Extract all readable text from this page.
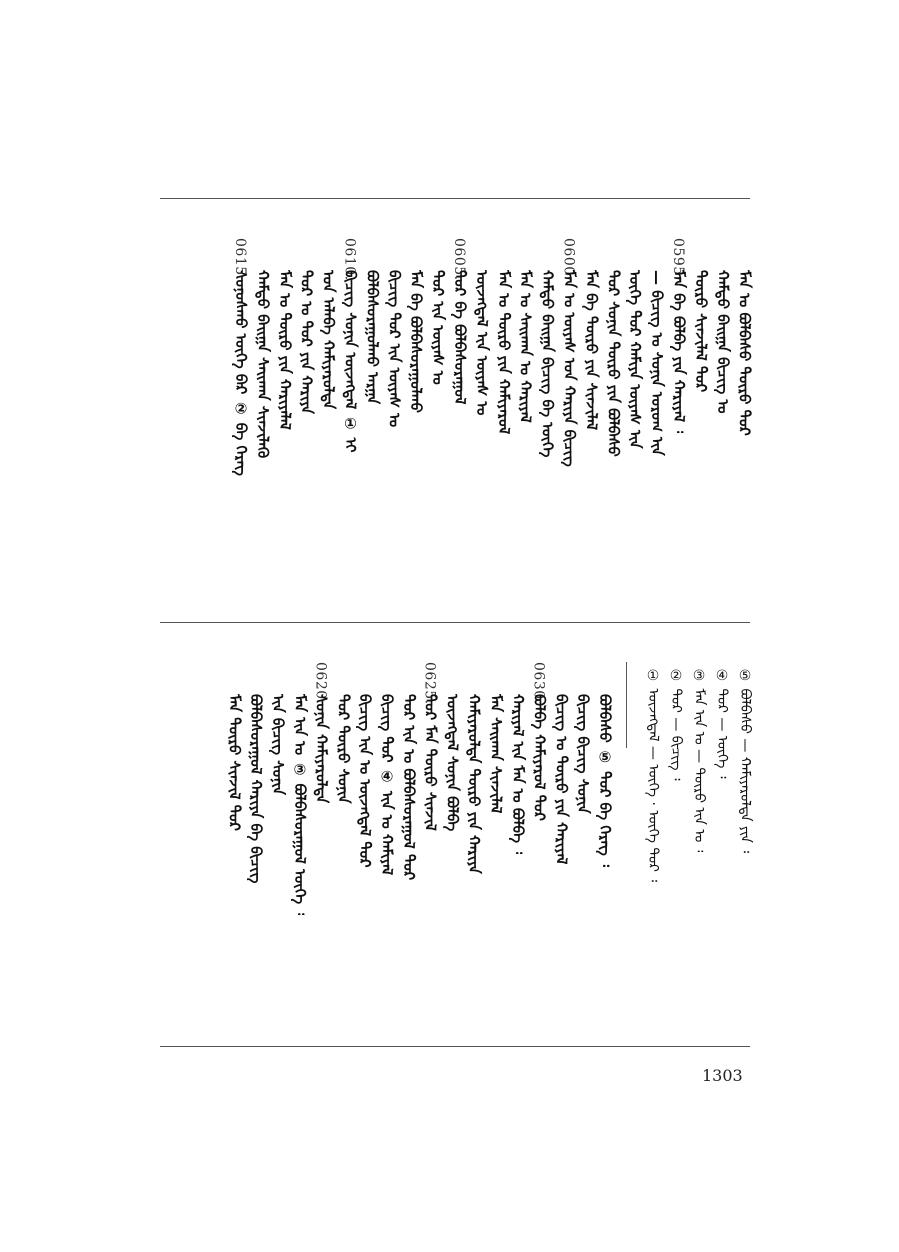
0615.
ᠰᠣᠨᠣᠰᠬᠤ ᠦᠭᠡ ᠪᠡᠷ ② ᠪᠠ ᠬᠡᠷᠡᠭ ᠬᠠᠮᠲᠤ ᠪᠠᠢᠭᠠ ᠰᠠᠢᠬᠠᠨ ᠰᠢᠨᠵᠢᠯᠡᠬᠦ ᠮᠠᠨ ᠤ ᠲᠦᠷᠦ ᠶᠢᠨ ᠬᠠᠷᠢᠶᠠᠯᠠᠯ ᠲᠣᠷ ᠤ ᠲᠣᠷ ᠶᠢᠨ ᠬᠠᠷᠢᠶᠠ ᠤᠨ ᠠᠯᠠᠪᠠ ᠬᠠᠮᠢᠶᠠᠷᠤᠯᠲᠠ
0610.
ᠪᠢᠴᠢᠭ ᠰᠣᠨᠢᠨ ᠦᠵᠡᠭᠳᠡᠯ ① ᠢ ᠪᠣᠯᠪᠠᠰᠤᠷᠠᠭᠤᠯᠬᠤ ᠠᠷᠭᠠ ᠪᠢᠴᠢᠭ ᠲᠣᠷ ᠢᠨ ᠦᠶᠡᠰ ᠤ ᠮᠠᠨ ᠪᠠ ᠪᠣᠯᠪᠠᠰᠤᠷᠠᠭᠤᠯᠬᠤ ᠲᠣᠷ ᠢᠨ ᠦᠶᠡᠰ ᠤ
0605.
ᠲᠣᠷ ᠪᠠ ᠪᠣᠯᠪᠠᠰᠤᠷᠠᠭᠤᠯ ᠦᠵᠡᠭᠳᠡᠯ ᠢᠨ ᠦᠶᠡᠰ ᠤ ᠮᠠᠨ ᠤ ᠲᠦᠷᠦ ᠶᠢᠨ ᠬᠠᠮᠢᠶᠠᠷᠤᠯ ᠮᠠᠨ ᠤ ᠰᠠᠢᠬᠠᠨ ᠤ ᠬᠠᠷᠢᠶᠠᠯ ᠬᠠᠮᠲᠤ ᠪᠠᠢᠭᠠ ᠪᠢᠴᠢᠭ ᠪᠠ ᠦᠭᠡ
0600.
ᠮᠠᠨ ᠤ ᠦᠶᠡᠰ ᠤᠨ ᠬᠠᠷᠢᠶᠠ ᠪᠢᠴᠢᠭ ᠮᠠᠨ ᠪᠠ ᠲᠦᠷᠦ ᠶᠢᠨ ᠰᠢᠨᠵᠢᠯᠡᠯ ᠲᠣᠷ ᠰᠣᠨᠢᠨ ᠲᠦᠷᠦ ᠶᠢᠨ ᠪᠣᠯᠪᠠᠰᠤ ᠦᠭᠡ ᠲᠣᠷ ᠬᠠᠮᠢᠶᠠ ᠦᠶᠡᠰ ᠢᠨ — ᠪᠢᠴᠢᠭ ᠤ ᠰᠣᠨᠢᠨ ᠤᠷᠤᠭ ᠢᠨ
0595.
ᠮᠠᠨ ᠪᠠ ᠪᠣᠯᠪᠠ ᠶᠢᠨ ᠬᠠᠷᠢᠶᠠᠯ ᠄ ᠲᠦᠷᠦ ᠰᠢᠨᠵᠢᠯᠡᠯ ᠲᠣᠷ ᠬᠠᠮᠲᠤ ᠪᠠᠢᠭᠠ ᠪᠢᠴᠢᠭ ᠤ ᠮᠠᠨ ᠤ ᠪᠣᠯᠪᠠᠰᠤ ᠲᠦᠷᠦ ᠲᠣᠷ
⑤ ᠪᠣᠯᠪᠠᠰᠤ — ᠬᠠᠮᠢᠶᠠᠷᠤᠯᠲᠠ ᠶᠢᠨ ᠄
④ ᠲᠣᠷ — ᠦᠭᠡ ᠄
③ ᠮᠠᠨ ᠢᠨ ᠤ — ᠲᠦᠷᠦ ᠢᠨ ᠤ ᠄
② ᠲᠣᠷ — ᠪᠢᠴᠢᠭ ᠄
① ᠦᠵᠡᠭᠳᠡᠯ — ᠦᠭᠡ · ᠦᠭᠡ ᠲᠣᠷ ᠄
ᠪᠣᠯᠪᠠᠰᠤ ⑤ ᠲᠣᠷ ᠪᠠ ᠬᠡᠷᠡᠭ ᠄
ᠪᠢᠴᠢᠭ ᠪᠢᠴᠢᠭ ᠰᠣᠨᠢᠨ
ᠪᠢᠴᠢᠭ ᠤ ᠲᠦᠷᠦ ᠶᠢᠨ ᠬᠠᠷᠢᠶᠠᠯ
0630.
ᠪᠣᠯᠪᠠ ᠬᠠᠮᠢᠶᠠᠷᠤᠯ ᠲᠣᠷ
ᠬᠠᠷᠢᠶᠠᠯ ᠢᠨ ᠮᠠᠨ ᠤ ᠪᠣᠯᠪᠠ ᠄
ᠮᠠᠨ ᠰᠠᠢᠬᠠᠨ ᠰᠢᠨᠵᠢᠯᠡᠯ
ᠬᠠᠮᠢᠶᠠᠷᠤᠯᠲᠠ ᠲᠦᠷᠦ ᠶᠢᠨ ᠬᠠᠷᠢᠶᠠ
ᠦᠵᠡᠭᠳᠡᠯ ᠰᠣᠨᠢᠨ ᠪᠣᠯᠪᠠ
0625.
ᠲᠣᠷ ᠮᠠᠨ ᠲᠦᠷᠦ ᠰᠢᠨᠵᠢᠯ
ᠲᠣᠷ ᠢᠨ ᠤ ᠪᠣᠯᠪᠠᠰᠤᠷᠠᠭᠤᠯ ᠲᠣᠷ
ᠪᠢᠴᠢᠭ ᠲᠣᠷ ④ ᠢᠨ ᠤ ᠬᠠᠮᠢᠶᠠᠯ
ᠪᠢᠴᠢᠭ ᠢᠨ ᠤ ᠦᠵᠡᠭᠳᠡᠯ ᠲᠣᠷ
ᠲᠣᠷ ᠲᠦᠷᠦ ᠰᠣᠨᠢᠨ
0620.
ᠰᠣᠨᠢᠨ ᠬᠠᠮᠢᠶᠠᠷᠤᠯᠲᠠ
ᠮᠠᠨ ᠢᠨ ᠤ ③ ᠪᠣᠯᠪᠠᠰᠤᠷᠠᠭᠤᠯ ᠦᠭᠡ ᠄
ᠢᠨ ᠪᠢᠴᠢᠭ ᠰᠣᠨᠢᠨ
ᠪᠣᠯᠪᠠᠰᠤᠷᠠᠭᠤᠯ ᠬᠠᠷᠢᠶᠠ ᠪᠠ ᠪᠢᠴᠢᠭ
ᠮᠠᠨ ᠲᠦᠷᠦ ᠰᠢᠨᠵᠢᠯ ᠲᠣᠷ
1303
